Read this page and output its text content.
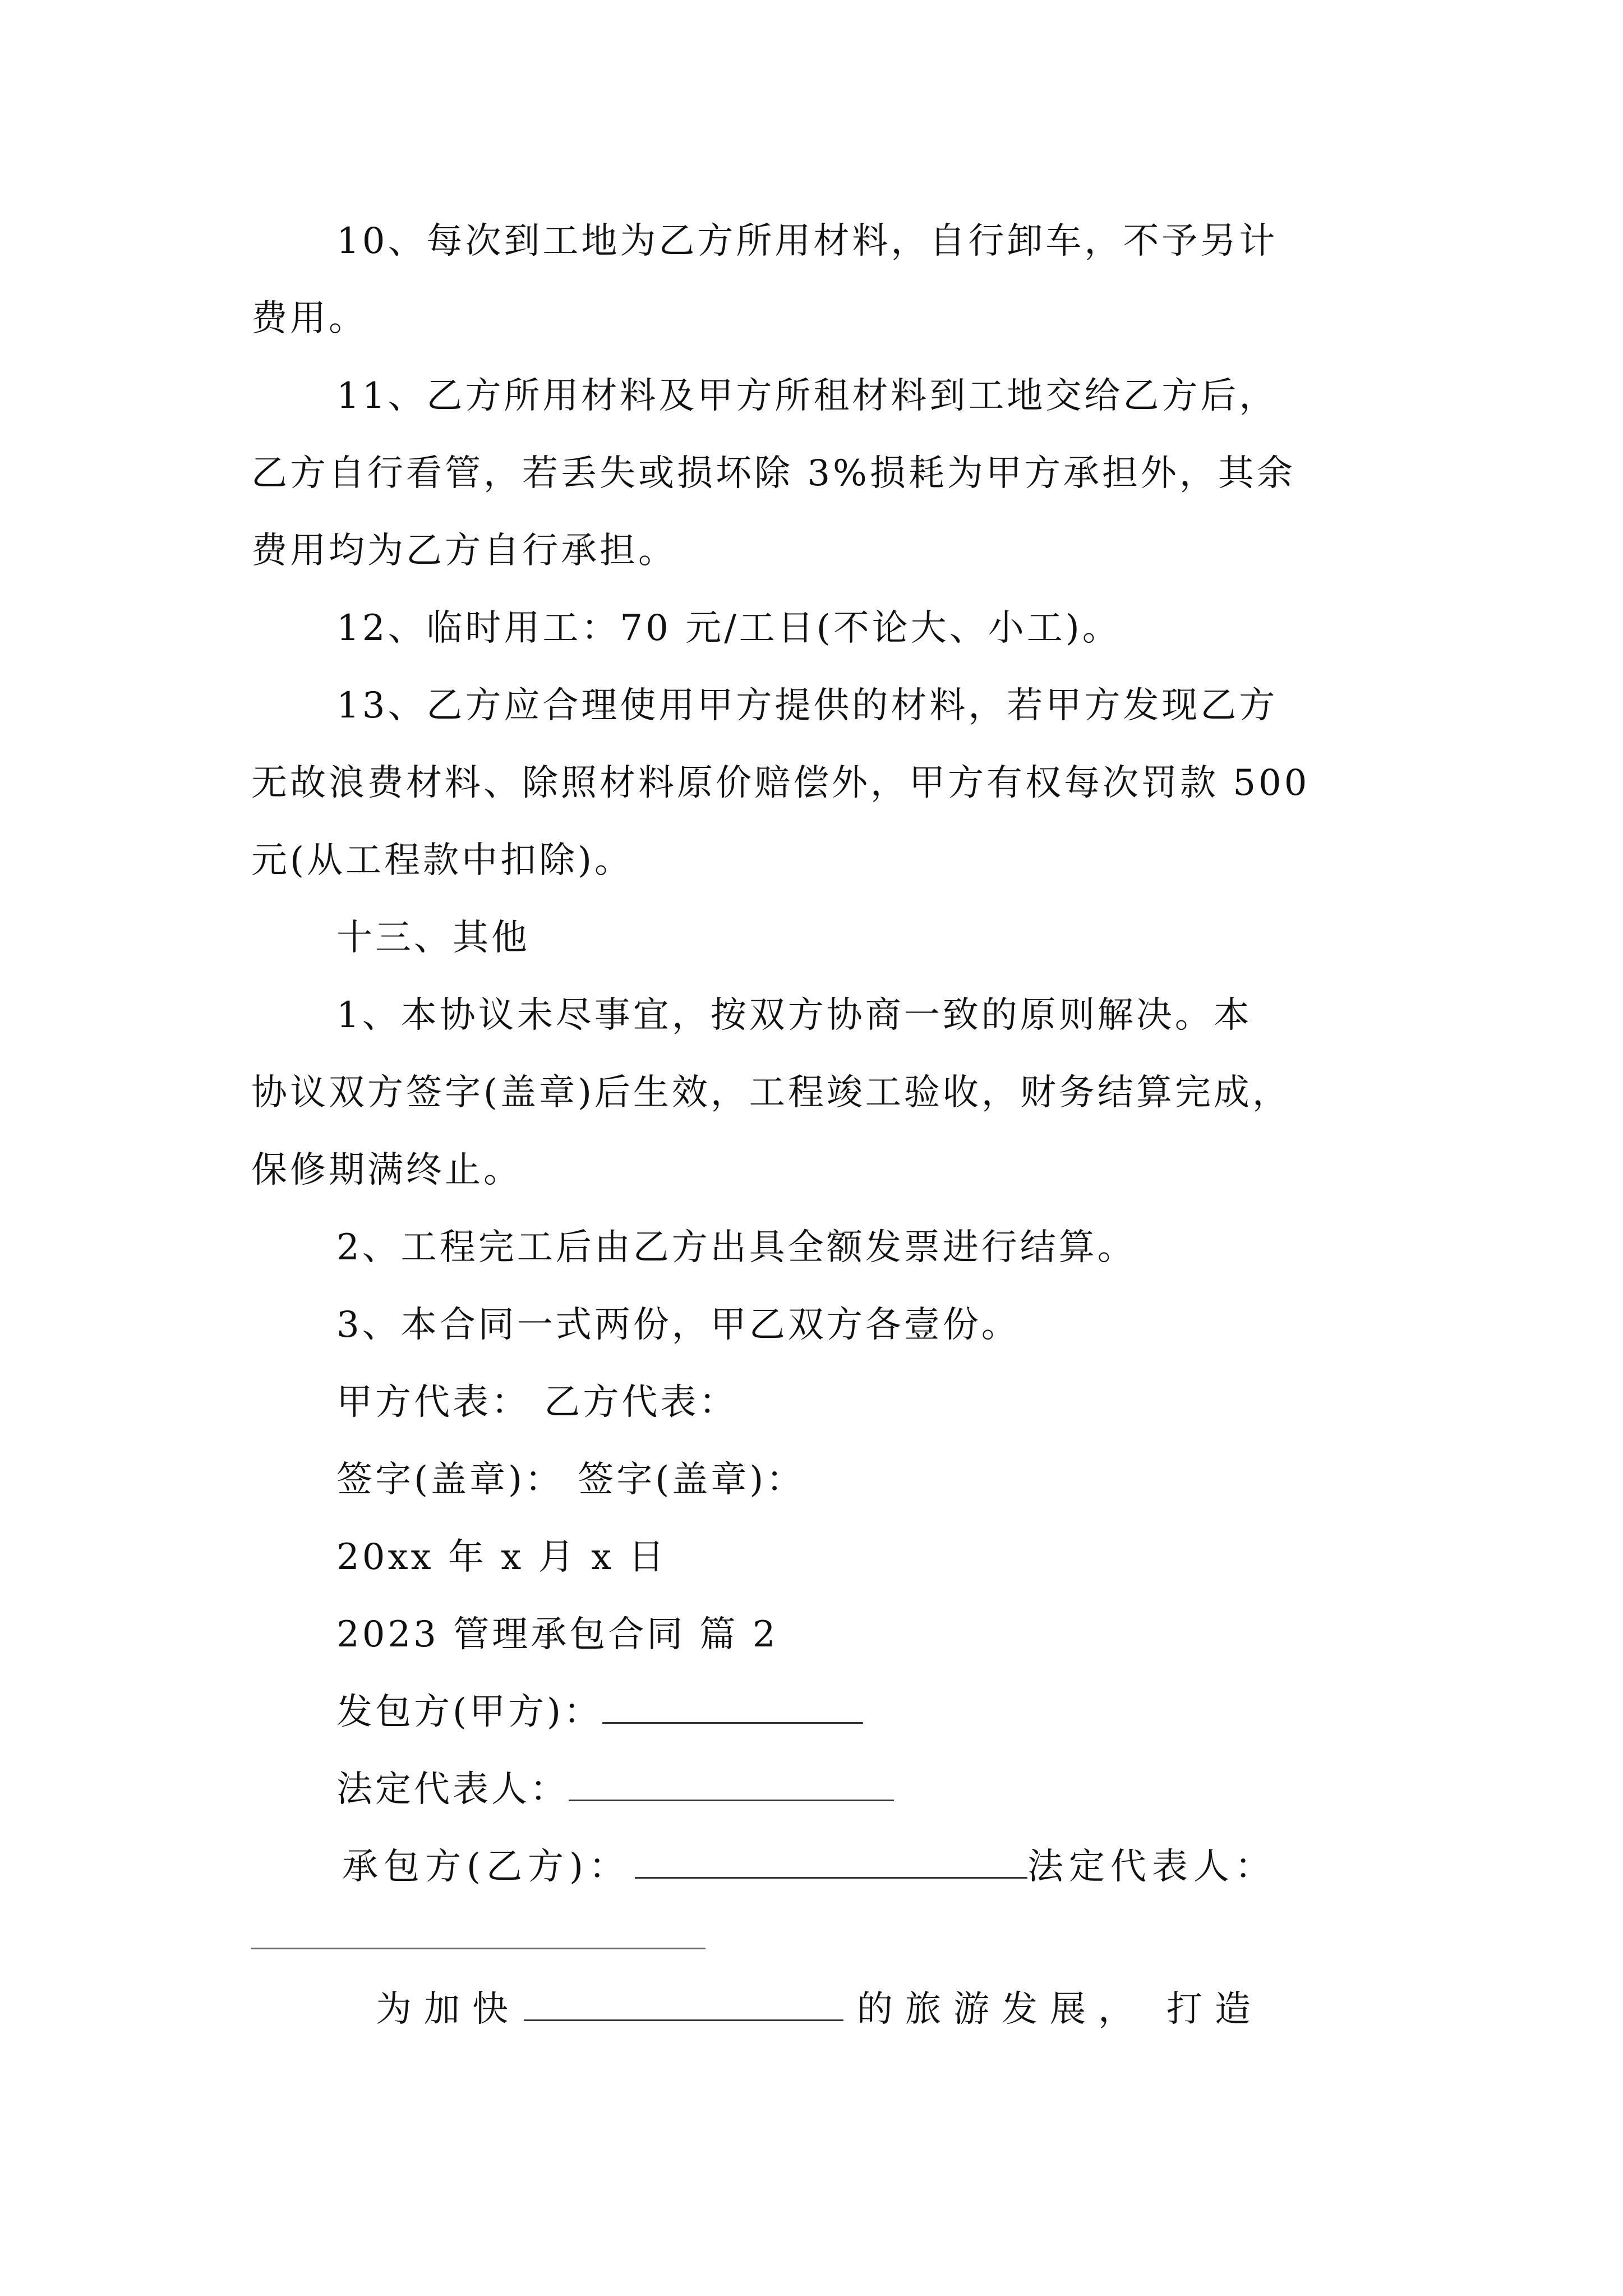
10、每次到工地为乙方所用材料，自行卸车，不予另计
费用。
11、乙方所用材料及甲方所租材料到工地交给乙方后，
乙方自行看管，若丢失或损坏除 3%损耗为甲方承担外，其余
费用均为乙方自行承担。
12、临时用工：70 元/工日(不论大、小工)。
13、乙方应合理使用甲方提供的材料，若甲方发现乙方
无故浪费材料、除照材料原价赔偿外，甲方有权每次罚款 500
元(从工程款中扣除)。
十三、其他
1、本协议未尽事宜，按双方协商一致的原则解决。本
协议双方签字(盖章)后生效，工程竣工验收，财务结算完成，
保修期满终止。
2、工程完工后由乙方出具全额发票进行结算。
3、本合同一式两份，甲乙双方各壹份。
甲方代表： 乙方代表：
签字(盖章)： 签字(盖章)：
20xx 年 x 月 x 日
2023 管理承包合同 篇 2
发包方(甲方)：
法定代表人：
承包方(乙方)：	法定代表人：
为加快	的旅游发展， 打造
